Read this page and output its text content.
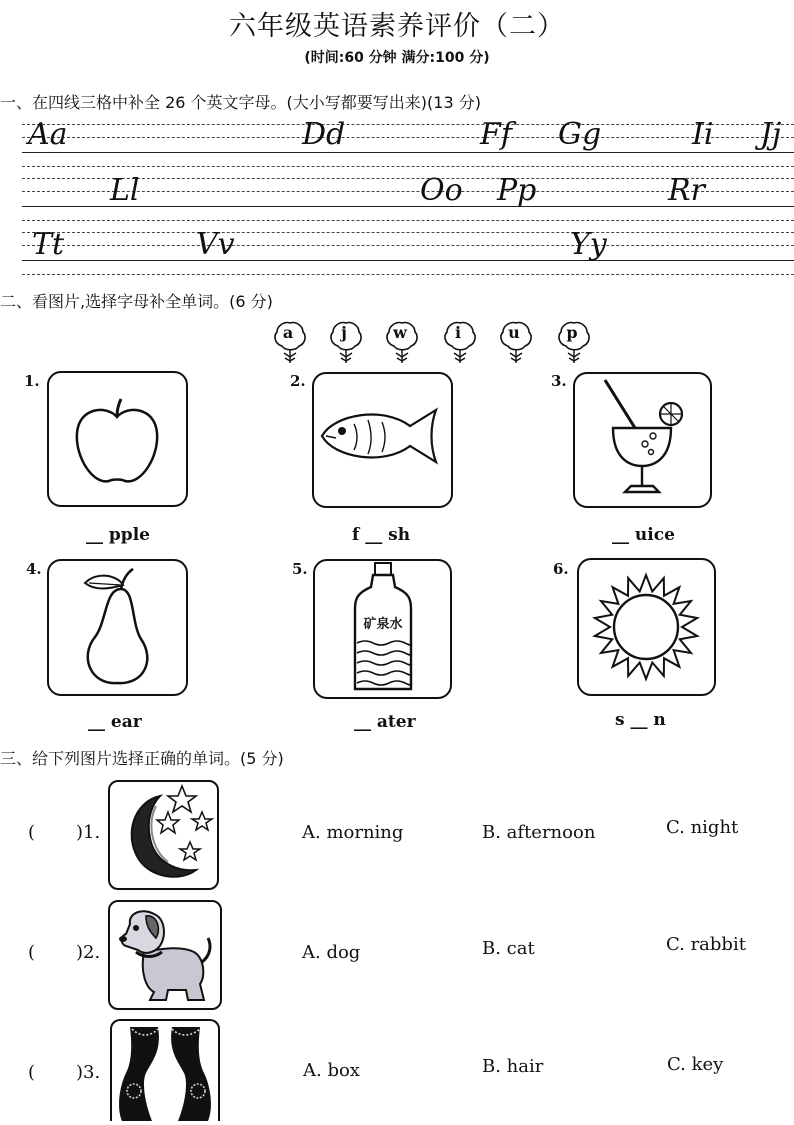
六年级英语素养评价（二）
(时间:60 分钟 满分:100 分)
一、在四线三格中补全 26 个英文字母。(大小写都要写出来)(13 分)
Aa	Dd	Ff Gg	Ii Jj
Ll	Oo Pp	Rr
Tt	Vv	Yy
二、看图片,选择字母补全单词。(6 分)
a	j	w	i	u	p
1.
__ pple
2.
f __ sh
3.
__ uice
4.
__ ear
5.
矿泉水
__ ater
6.
s __ n
三、给下列图片选择正确的单词。(5 分)
( )1.	A. morning	B. afternoon	C. night
( )2.	A. dog	B. cat	C. rabbit
( )3.	A. box	B. hair	C. key
